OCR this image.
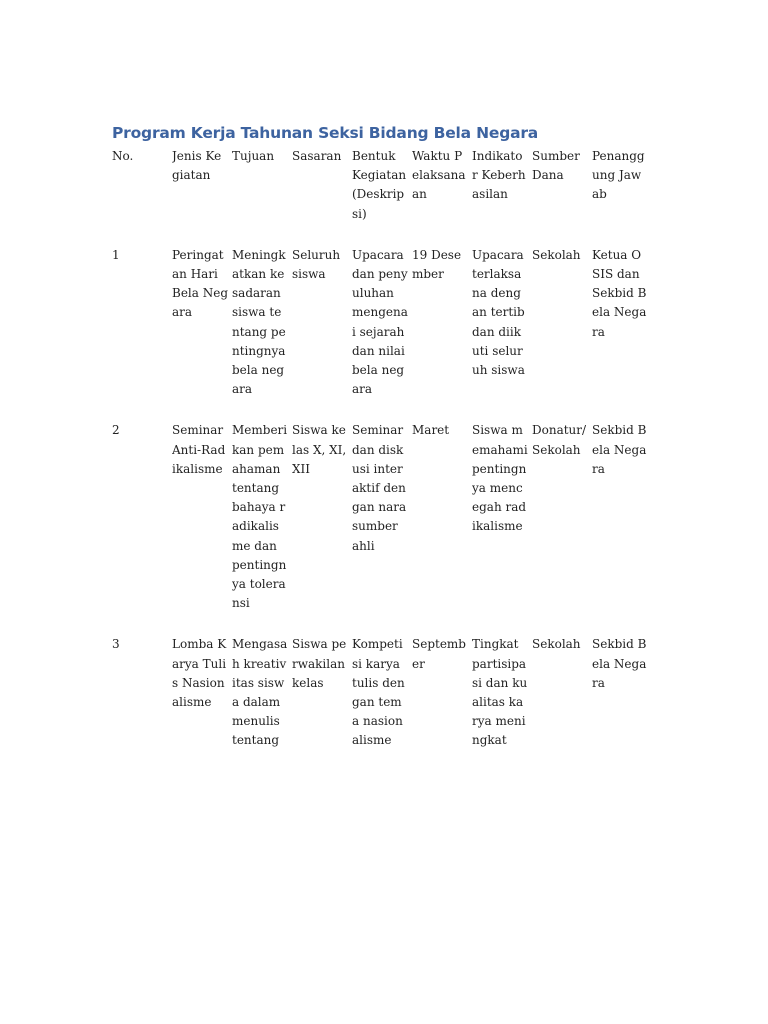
Program Kerja Tahunan Seksi Bidang Bela Negara
No.	Jenis Kegiatan	Tujuan	Sasaran	Bentuk Kegiatan (Deskripsi)	Waktu Pelaksanaan	Indikator Keberhasilan	Sumber Dana	Penanggung Jawab

1	Peringatan Hari Bela Negara	Meningkatkan kesadaran siswa tentang pentingnya bela negara	Seluruh siswa	Upacara dan penyuluhan mengenai sejarah dan nilai bela negara	19 Desember	Upacara terlaksana dengan tertib dan diikuti seluruh siswa	Sekolah	Ketua OSIS dan Sekbid Bela Negara

2	Seminar Anti-Radikalisme	Memberikan pemahaman tentang bahaya radikalisme dan pentingnya toleransi	Siswa kelas X, XI, XII	Seminar dan diskusi interaktif dengan narasumber ahli	Maret	Siswa memahami pentingnya mencegah radikalisme	Donatur/ Sekolah	Sekbid Bela Negara

3	Lomba Karya Tulis Nasionalisme	Mengasah kreativitas siswa dalam menulis tentang	Siswa perwakilan kelas	Kompetisi karya tulis dengan tema nasionalisme	September	Tingkat partisipasi dan kualitas karya meningkat	Sekolah	Sekbid Bela Negara
